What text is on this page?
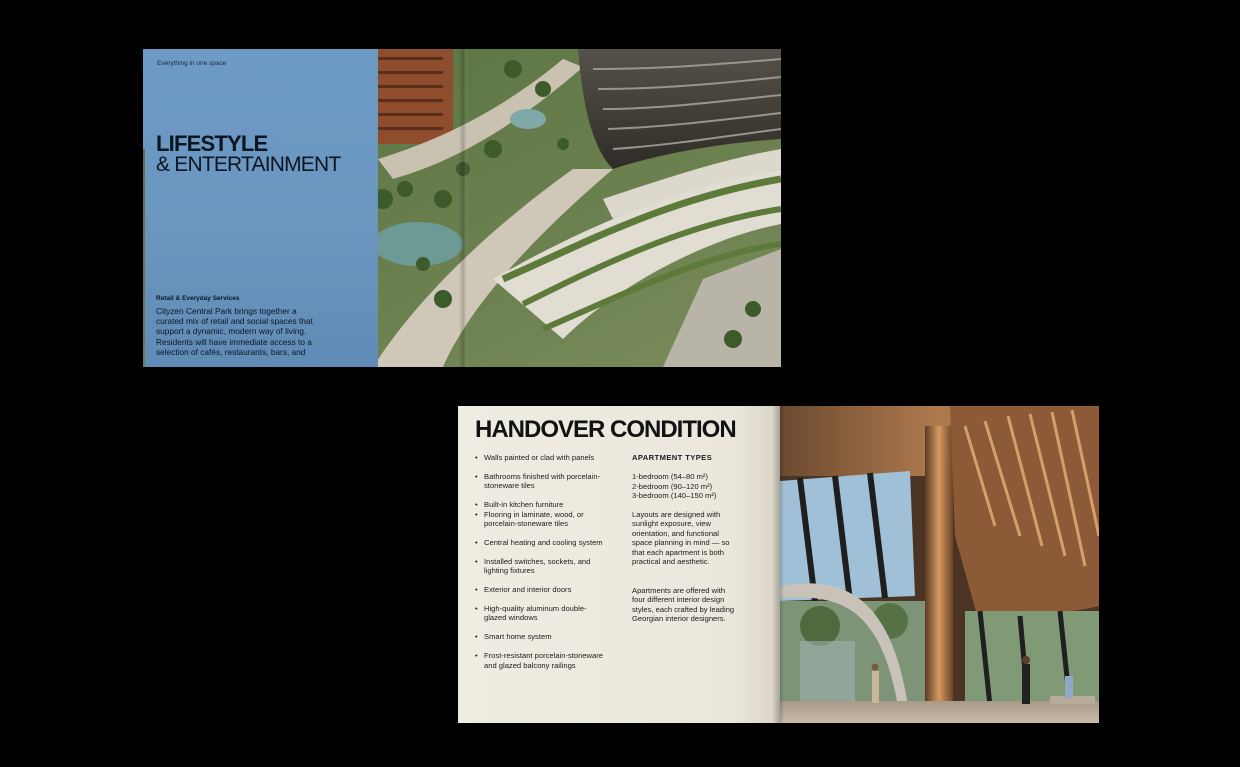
Everything in one space
LIFESTYLE
& ENTERTAINMENT
Retail & Everyday Services
Cityzen Central Park brings together a curated mix of retail and social spaces that support a dynamic, modern way of living. Residents will have immediate access to a selection of cafés, restaurants, bars, and
HANDOVER CONDITION
• Walls painted or clad with panels
• Bathrooms finished with porcelain-stoneware tiles
• Built-in kitchen furniture
• Flooring in laminate, wood, or porcelain-stoneware tiles
• Central heating and cooling system
• Installed switches, sockets, and lighting fixtures
• Exterior and interior doors
• High-quality aluminum double-glazed windows
• Smart home system
• Frost-resistant porcelain-stoneware and glazed balcony railings
APARTMENT TYPES
1-bedroom (54–80 m²)
2-bedroom (90–120 m²)
3-bedroom (140–150 m²)

Layouts are designed with sunlight exposure, view orientation, and functional space planning in mind — so that each apartment is both practical and aesthetic.

Apartments are offered with four different interior design styles, each crafted by leading Georgian interior designers.
